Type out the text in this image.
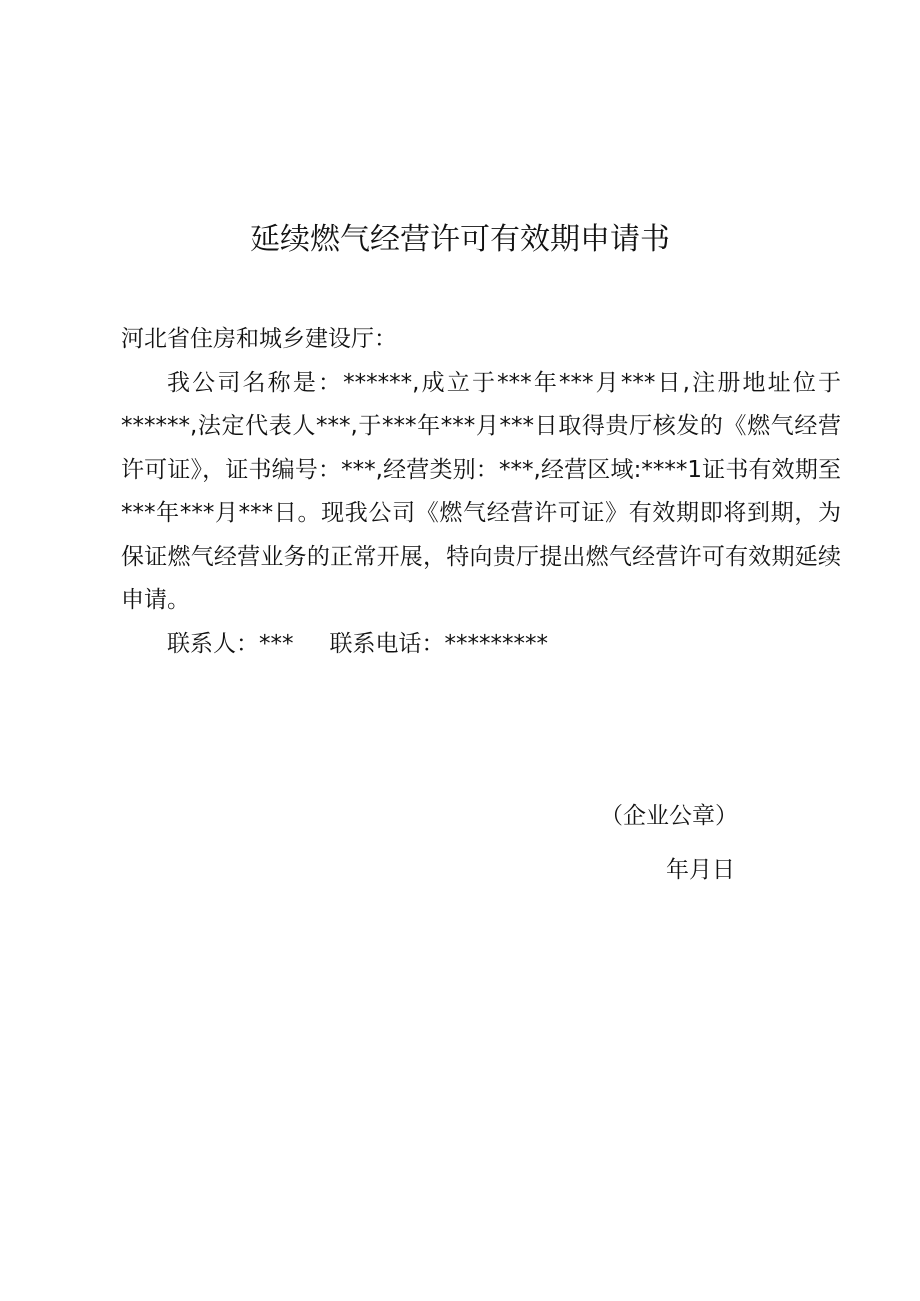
延续燃气经营许可有效期申请书

河北省住房和城乡建设厅：

我公司名称是：******,成立于***年***月***日,注册地址位于******,法定代表人***,于***年***月***日取得贵厅核发的《燃气经营许可证》，证书编号：***,经营类别：***,经营区域:****1证书有效期至***年***月***日。现我公司《燃气经营许可证》有效期即将到期，为保证燃气经营业务的正常开展，特向贵厅提出燃气经营许可有效期延续申请。

联系人：*** 联系电话：*********

（企业公章）
年月日
